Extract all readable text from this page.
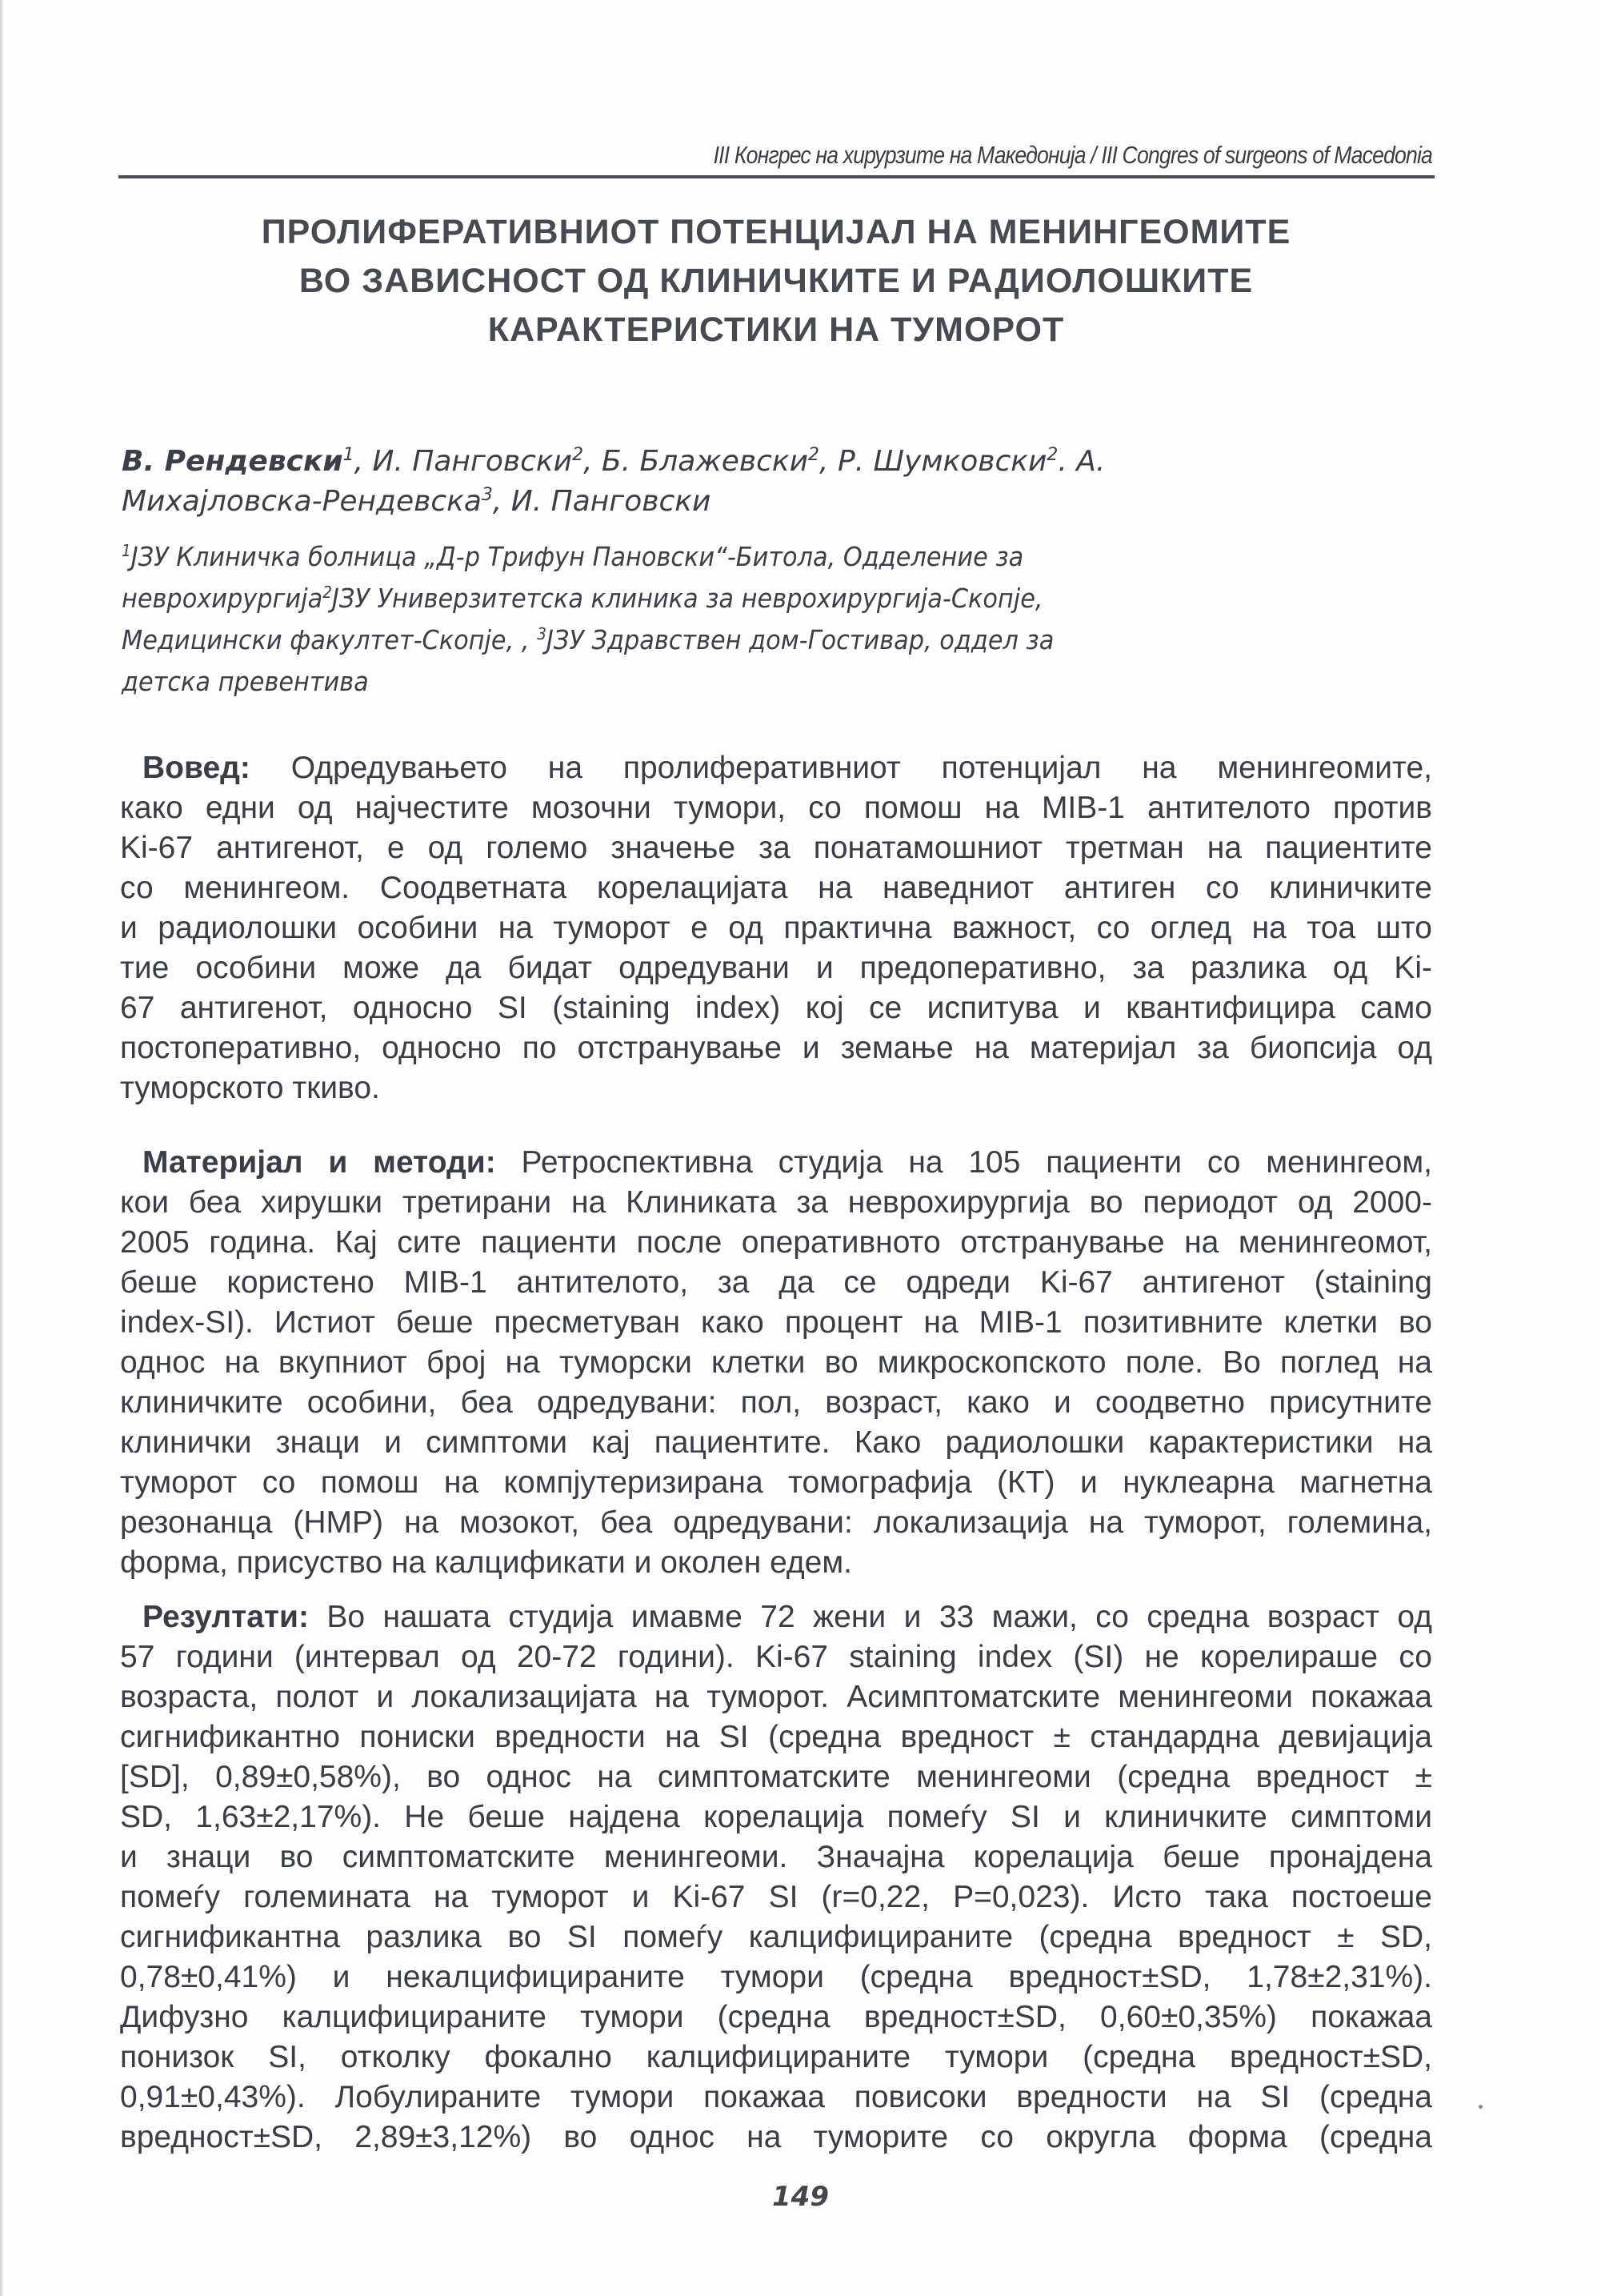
III Конгрес на хирурзите на Македонија / III Congres of surgeons of Macedonia
ПРОЛИФЕРАТИВНИОТ ПОТЕНЦИЈАЛ НА МЕНИНГЕОМИТЕ
ВО ЗАВИСНОСТ ОД КЛИНИЧКИТЕ И РАДИОЛОШКИТЕ
КАРАКТЕРИСТИКИ НА ТУМОРОТ
В. Рендевски$^1$, И. Пангoвски$^2$, Б. Блажевски$^2$, Р. Шумковски$^2$. А.
Михајловска-Рендевска$^3$, И. Пангoвски
$^1$ЈЗУ Клиничка болница „Д-р Трифун Пановски“-Битола, Одделение за
неврохирургија$^2$ЈЗУ Универзитетска клиника за неврохирургија-Скопје,
Медицински факултет-Скопје, , $^3$ЈЗУ Здравствен дом-Гостивар, оддел за
детска превентива
Вовед: Одредувањето на пролиферативниот потенцијал на менингеомите,
како едни од најчестите мозочни тумори, со помош на MIB-1 антителото против
Ki-67 антигенот, е од големо значење за понатамошниот третман на пациентите
со менингеом. Соодветната корелацијата на наведниот антиген со клиничките
и радиолошки особини на туморот е од практична важност, со оглед на тоа што
тие особини може да бидат одредувани и предоперативно, за разлика од Ki-
67 антигенот, односно SI (staining index) кој се испитува и квантифицира само
постоперативно, односно по отстранување и земање на материјал за биопсија од
туморското ткиво.
Материјал и методи: Ретроспективна студија на 105 пациенти со менингеом,
кои беа хирушки третирани на Клиниката за неврохируpгија во периодот од 2000-
2005 година. Кај сите пациенти после оперативното отстранување на менингеомот,
беше користено MIB-1 антителото, за да се одреди Ki-67 антигенот (staining
index-SI). Истиот беше пресметуван како процент на MIB-1 позитивните клетки во
однос на вкупниот број на туморски клетки во микроскопското поле. Во поглед на
клиничките особини, беа одредувани: пол, возраст, како и соодветно присутните
клинички знаци и симптоми кај пациентите. Како радиолошки карактеристики на
туморот со помош на компјутеризирана томографија (КТ) и нуклеарна магнетна
резонанца (НМР) на мозокот, беа одредувани: локализација на туморот, големина,
форма, присуство на калцификати и околен едем.
Резултати: Во нашата студија имавме 72 жени и 33 мажи, со средна возраст од
57 години (интервал од 20-72 години). Ki-67 staining index (SI) не корелираше со
возраста, полот и локализацијата на туморот. Асимптоматските менингеоми покажаа
сигнификантно пониски вредности на SI (средна вредност ± стандардна девијација
[SD], 0,89±0,58%), во однос на симптоматските менингеоми (средна вредност ±
SD, 1,63±2,17%). Не беше најдена корелација помеѓу SI и клиничките симптоми
и знаци во симптоматските менингеоми. Значајна корелација беше пронајдена
помеѓу големината на туморот и Ki-67 SI (r=0,22, P=0,023). Исто така постоеше
сигнификантна разлика во SI помеѓу калцифицираните (средна вредност ± SD,
0,78±0,41%) и некалцифицираните тумори (средна вредност±SD, 1,78±2,31%).
Дифузно калцифицираните тумори (средна вредност±SD, 0,60±0,35%) покажаа
понизок SI, отколку фокално калцифицираните тумори (средна вредност±SD,
0,91±0,43%). Лобулираните тумори покажаа повисоки вредности на SI (средна
вредност±SD, 2,89±3,12%) во однос на туморите со округла форма (средна
149
